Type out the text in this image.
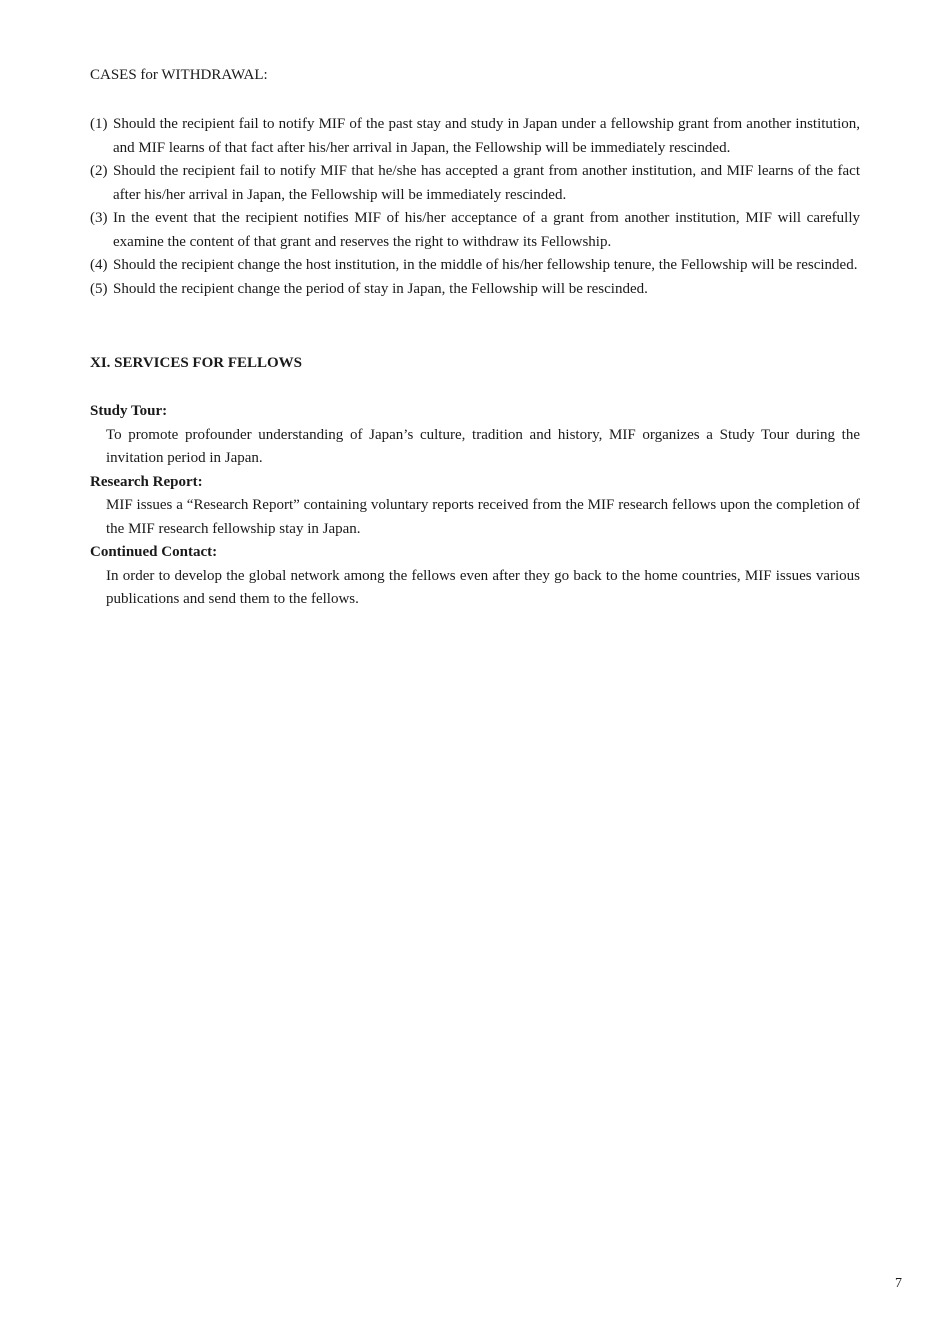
CASES for WITHDRAWAL:
(1) Should the recipient fail to notify MIF of the past stay and study in Japan under a fellowship grant from another institution, and MIF learns of that fact after his/her arrival in Japan, the Fellowship will be immediately rescinded.
(2) Should the recipient fail to notify MIF that he/she has accepted a grant from another institution, and MIF learns of the fact after his/her arrival in Japan, the Fellowship will be immediately rescinded.
(3) In the event that the recipient notifies MIF of his/her acceptance of a grant from another institution, MIF will carefully examine the content of that grant and reserves the right to withdraw its Fellowship.
(4) Should the recipient change the host institution, in the middle of his/her fellowship tenure, the Fellowship will be rescinded.
(5) Should the recipient change the period of stay in Japan, the Fellowship will be rescinded.
XI. SERVICES FOR FELLOWS
Study Tour:
To promote profounder understanding of Japan’s culture, tradition and history, MIF organizes a Study Tour during the invitation period in Japan.
Research Report:
MIF issues a “Research Report” containing voluntary reports received from the MIF research fellows upon the completion of the MIF research fellowship stay in Japan.
Continued Contact:
In order to develop the global network among the fellows even after they go back to the home countries, MIF issues various publications and send them to the fellows.
7
